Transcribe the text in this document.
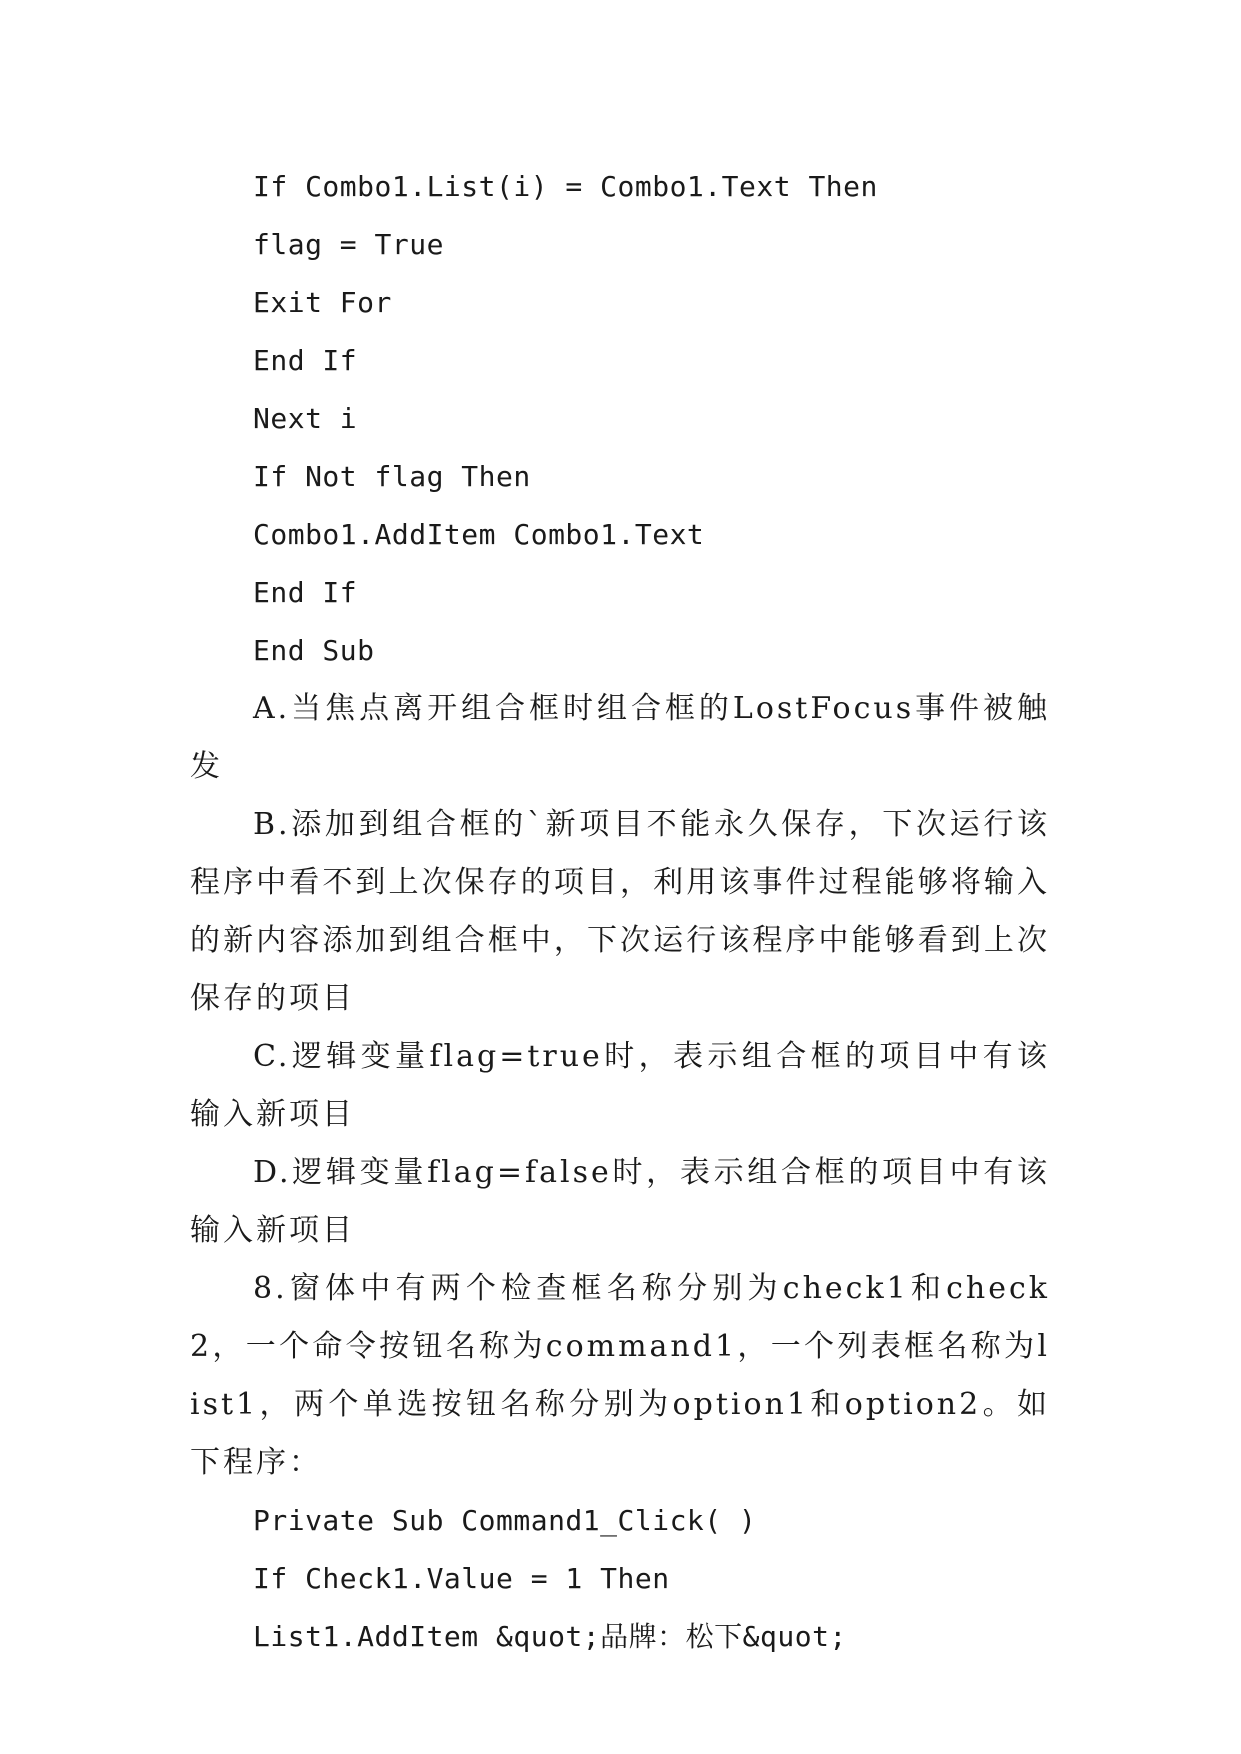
If Combo1.List(i) = Combo1.Text Then

flag = True

Exit For

End If

Next i

If Not flag Then

Combo1.AddItem Combo1.Text

End If

End Sub

A.当焦点离开组合框时组合框的LostFocus事件被触发

B.添加到组合框的`新项目不能永久保存，下次运行该程序中看不到上次保存的项目，利用该事件过程能够将输入的新内容添加到组合框中，下次运行该程序中能够看到上次保存的项目

C.逻辑变量flag=true时，表示组合框的项目中有该输入新项目

D.逻辑变量flag=false时，表示组合框的项目中有该输入新项目

8.窗体中有两个检查框名称分别为check1和check2，一个命令按钮名称为command1，一个列表框名称为list1，两个单选按钮名称分别为option1和option2。如下程序：

Private Sub Command1_Click( )

If Check1.Value = 1 Then

List1.AddItem &quot;品牌：松下&quot;
